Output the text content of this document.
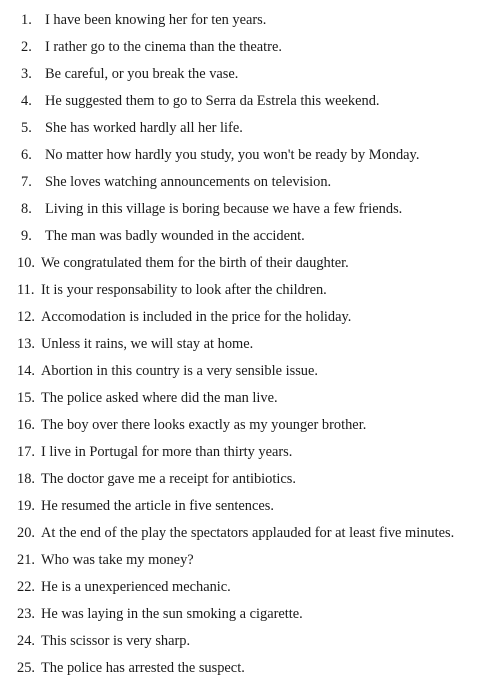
1. I have been knowing her for ten years.
2. I rather go to the cinema than the theatre.
3. Be careful, or you break the vase.
4. He suggested them to go to Serra da Estrela this weekend.
5. She has worked hardly all her life.
6. No matter how hardly you study, you won't be ready by Monday.
7. She loves watching announcements on television.
8. Living in this village is boring because we have a few friends.
9. The man was badly wounded in the accident.
10. We congratulated them for the birth of their daughter.
11. It is your responsability to look after the children.
12. Accomodation is included in the price for the holiday.
13. Unless it rains, we will stay at home.
14. Abortion in this country is a very sensible issue.
15. The police asked where did the man live.
16. The boy over there looks exactly as my younger brother.
17. I live in Portugal for more than thirty years.
18. The doctor gave me a receipt for antibiotics.
19. He resumed the article in five sentences.
20. At the end of the play the spectators applauded for at least five minutes.
21. Who was take my money?
22. He is a unexperienced mechanic.
23. He was laying in the sun smoking a cigarette.
24. This scissor is very sharp.
25. The police has arrested the suspect.
